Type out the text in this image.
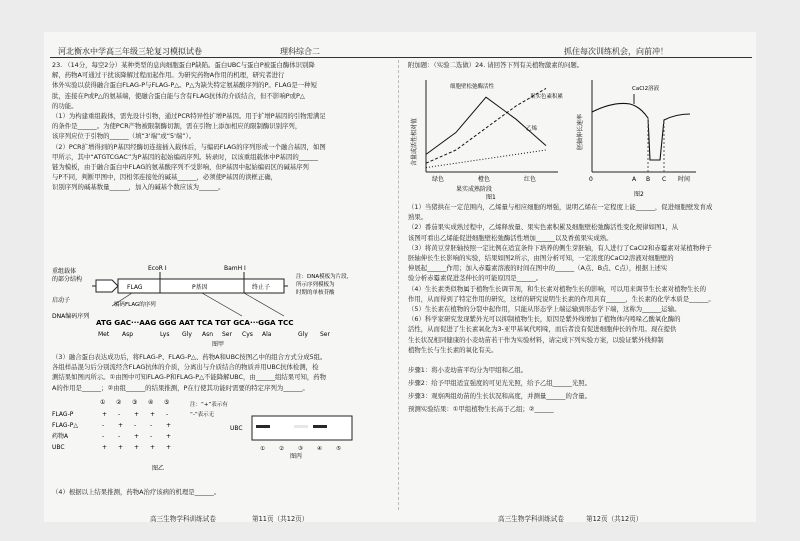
河北衡水中学高三年级三轮复习模拟试卷	理科综合二	抓住每次训练机会，向前冲！

23. （14分，每空2分）某种类型的息肉细胞蛋白P缺陷。蛋白UBC与蛋白P被蛋白酶体识别降

解，药物A可通过干扰该降解过程而起作用。为研究药物A作用的机理，研究者进行

体外实验以获得融合蛋白FLAG-P与FLAG-P△。P△为缺失特定氨基酸序列的P。FLAG是一种短

肽，连接在P或P△的氨基端，使融合蛋白能与含有FLAG抗体的介质结合，但不影响P或P△

的功能。

（1）为构建重组载体，需先设计引物，通过PCR特异性扩增P基因。用于扩增P基因的引物需满足

的条件是______。为使PCR产物被限制酶切割，需在引物上添加相应的限制酶识别序列，

该序列应位于引物的______（填“3'端”或“5'端”）。

（2）PCR扩增得到的P基因经酶切连接插入载体后，与编码FLAG的序列形成一个融合基因，如图

甲所示，其中“ATGTCGAC”为P基因的起始编码序列。转录时，以该重组载体中P基因的______

链为模板，由于融合蛋白中FLAG的氨基酸序列不受影响，但P基因中起始编码区的碱基序列

与P不同，判断甲图中，因相邻连接处的碱基______，必须使P基因的读框正确，

识别序列的碱基数量______，加入的碱基个数应该为______。

重组载体
的部分结构
启动子
DNA编码序列
EcoR I	BamH I
FLAG	P基因	终止子
注：DNA模板为片段，
所示序列模板为
时期的单核苷酸
编码FLAG的序列
ATG GAC···AAG GGG AAT TCA TGT GCA···GGA TCC
Met Asp	Lys Gly Asn Ser Cys Ala	Gly Ser
图甲

（3）融合蛋白表达成功后，将FLAG-P、FLAG-P△、药物A和UBC按图乙中的组合方式分成5组。

各组样品混匀后分别流经含FLAG抗体的介质，分离出与介质结合的物质并用UBC抗体检测，检

测结果如图丙所示。①由图中可知FLAG-P和FLAG-P△不能降解UBC，由______组结果可知，药物

A的作用是______；②由组______的结果推测，P在行使其功能时需要的特定序列为______。

① ② ③ ④ ⑤
FLAG-P	+ - + + -
FLAG-P△	- + - - +
药物A	- - + - +
UBC	+ + + + +
注：“+”表示有
“-”表示无
图乙
UBC
①	②	③	④	⑤
图丙
（4）根据以上结果推测，药物A治疗该病的机理是______。
附加题：（实验二选做）24. 请回答下列有关植物激素的问题。
含量或活性相对值
细胞壁松弛酶活性
果实色素积累
乙烯
绿色	橙色	红色
果实成熟阶段
图1
胚轴伸长速率
CaCl2溶液
0	A B C 时间
图2

（1）当猪拱在一定范围内，乙烯量与相应细胞的增强，说明乙烯在一定程度上能______，促进细胞壁发育成

熟果。

（2）番茄果实成熟过程中，乙烯释放量、果实色素积累及细胞壁松弛酶活性变化规律如图1，从

该图可看出乙烯能促进细胞壁松弛酶活性增加______以及香蕉果实成熟。

（3）将黄豆芽胚轴按照一定比例在适宜条件下培养的侧生芽胚轴，有人进行了CaCl2和赤霉素对某植物种子

胚轴伸长生长影响的实验，结果如图2所示，由图分析可知，一定浓度的CaCl2溶液对细胞壁的

伸展起______作用；加入赤霉素溶液的时间在图中的______（A点、B点、C点），根据上述实

验分析赤霉素促进茎伸长的可能原因是______。

（4）生长素类似物属于植物生长调节剂，和生长素对植物生长的影响，可以用来调节生长素对植物生长的

作用，从而得到了特定作用的研究，这样的研究说明生长素的作用具有______，生长素的化学本质是______。

（5）生长素在植物的分裂中起作用，只能从形态学上端运输到形态学下端，这称为______运输。

（6）科学家研究发现紫外光可以抑制植物生长，原因是紫外线增加了植物体内吲哚乙酸氧化酶的

活性，从而促进了生长素氧化为3-亚甲基氧代吲哚，而后者没有促进细胞伸长的作用。现在提供

生长状况相同健康的小麦幼苗若干作为实验材料，请完成下列实验方案，以验证紫外线抑制

植物生长与生长素的氧化有关。

步骤1：将小麦幼苗平均分为甲组和乙组。

步骤2：给予甲组适宜强度的可见光光照，给予乙组______光照。

步骤3：观察两组幼苗的生长状况和高度，并测量______的含量。

预测实验结果：①甲组植物生长高于乙组；②______

高三生物学科训练试卷	第11页（共12页）	高三生物学科训练试卷	第12页（共12页）
